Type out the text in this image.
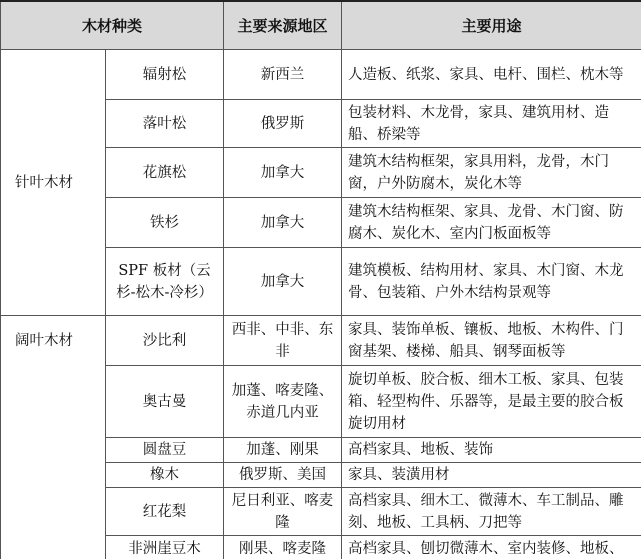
木材种类		主要来源地区	主要用途
针叶木材	辐射松	新西兰	人造板、纸浆、家具、电杆、围栏、枕木等
	落叶松	俄罗斯	包装材料、木龙骨，家具、建筑用材、造船、桥梁等
	花旗松	加拿大	建筑木结构框架，家具用料，龙骨，木门窗，户外防腐木，炭化木等
	铁杉	加拿大	建筑木结构框架、家具、龙骨、木门窗、防腐木、炭化木、室内门板面板等
	SPF 板材（云杉-松木-冷杉）	加拿大	建筑模板、结构用材、家具、木门窗、木龙骨、包装箱、户外木结构景观等
阔叶木材	沙比利	西非、中非、东非	家具、装饰单板、镶板、地板、木构件、门窗基架、楼梯、船具、钢琴面板等
	奥古曼	加蓬、喀麦隆、赤道几内亚	旋切单板、胶合板、细木工板、家具、包装箱、轻型构件、乐器等，是最主要的胶合板旋切用材
	圆盘豆	加蓬、刚果	高档家具、地板、装饰
	橡木	俄罗斯、美国	家具、装潢用材
	红花梨	尼日利亚、喀麦隆	高档家具、细木工、微薄木、车工制品、雕刻、地板、工具柄、刀把等
	非洲崖豆木	刚果、喀麦隆	高档家具、刨切微薄木、室内装修、地板、
